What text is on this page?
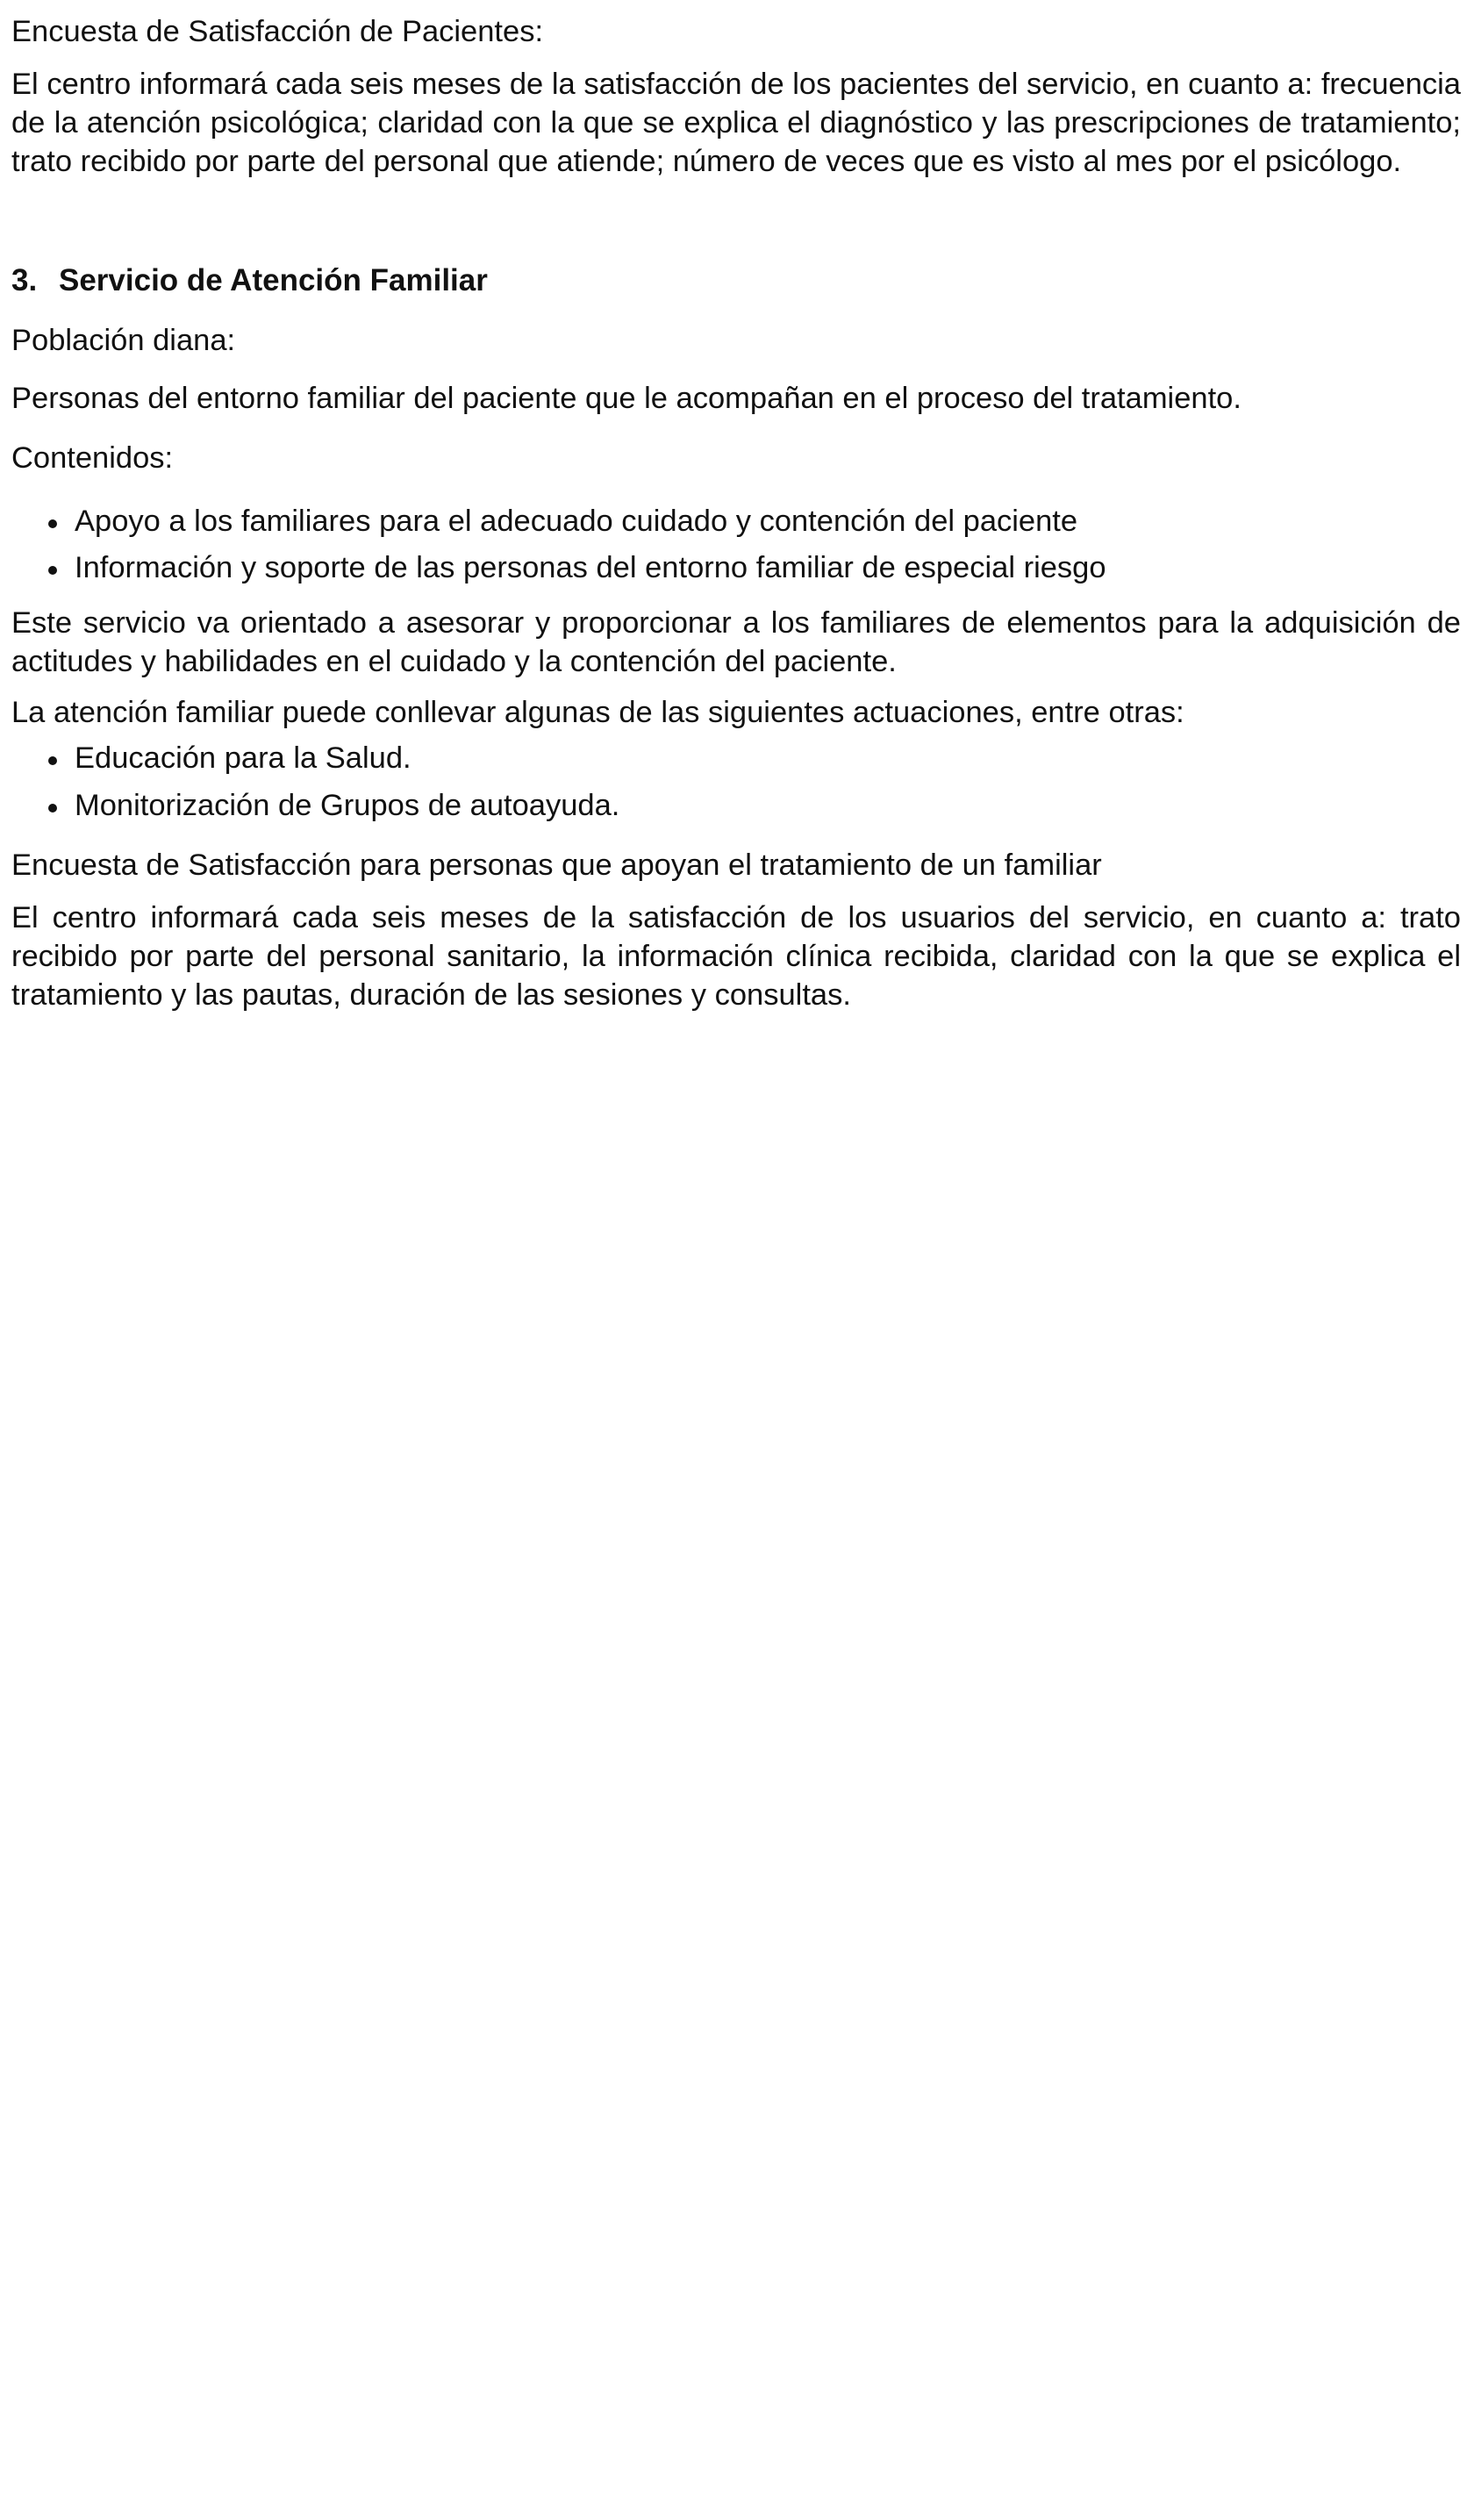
Encuesta de Satisfacción de Pacientes:

El centro informará cada seis meses de la satisfacción de los pacientes del servicio, en cuanto a: frecuencia de la atención psicológica; claridad con la que se explica el diagnóstico y las prescripciones de tratamiento; trato recibido por parte del personal que atiende; número de veces que es visto al mes por el psicólogo.

3. Servicio de Atención Familiar

Población diana:

Personas del entorno familiar del paciente que le acompañan en el proceso del tratamiento.

Contenidos:

Apoyo a los familiares para el adecuado cuidado y contención del paciente
Información y soporte de las personas del entorno familiar de especial riesgo

Este servicio va orientado a asesorar y proporcionar a los familiares de elementos para la adquisición de actitudes y habilidades en el cuidado y la contención del paciente.

La atención familiar puede conllevar algunas de las siguientes actuaciones, entre otras:

Educación para la Salud.
Monitorización de Grupos de autoayuda.

Encuesta de Satisfacción para personas que apoyan el tratamiento de un familiar

El centro informará cada seis meses de la satisfacción de los usuarios del servicio, en cuanto a: trato recibido por parte del personal sanitario, la información clínica recibida, claridad con la que se explica el tratamiento y las pautas, duración de las sesiones y consultas.
